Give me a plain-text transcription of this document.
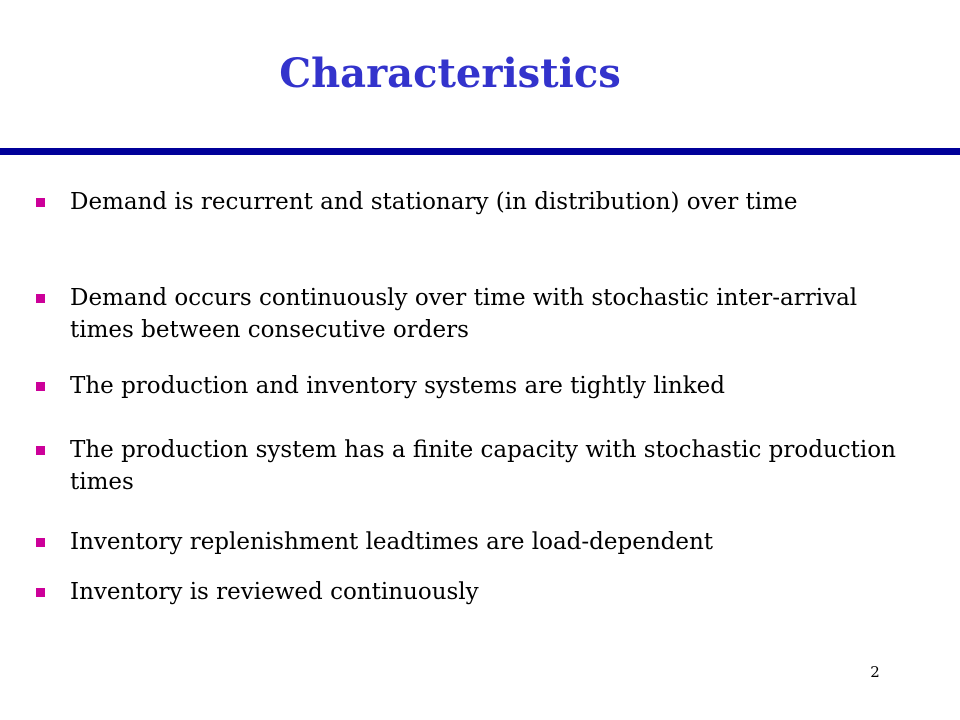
Characteristics
Demand is recurrent and stationary (in distribution) over time
Demand occurs continuously over time with stochastic inter-arrival times between consecutive orders
The production and inventory systems are tightly linked
The production system has a finite capacity with stochastic production times
Inventory replenishment leadtimes are load-dependent
Inventory is reviewed continuously
2
